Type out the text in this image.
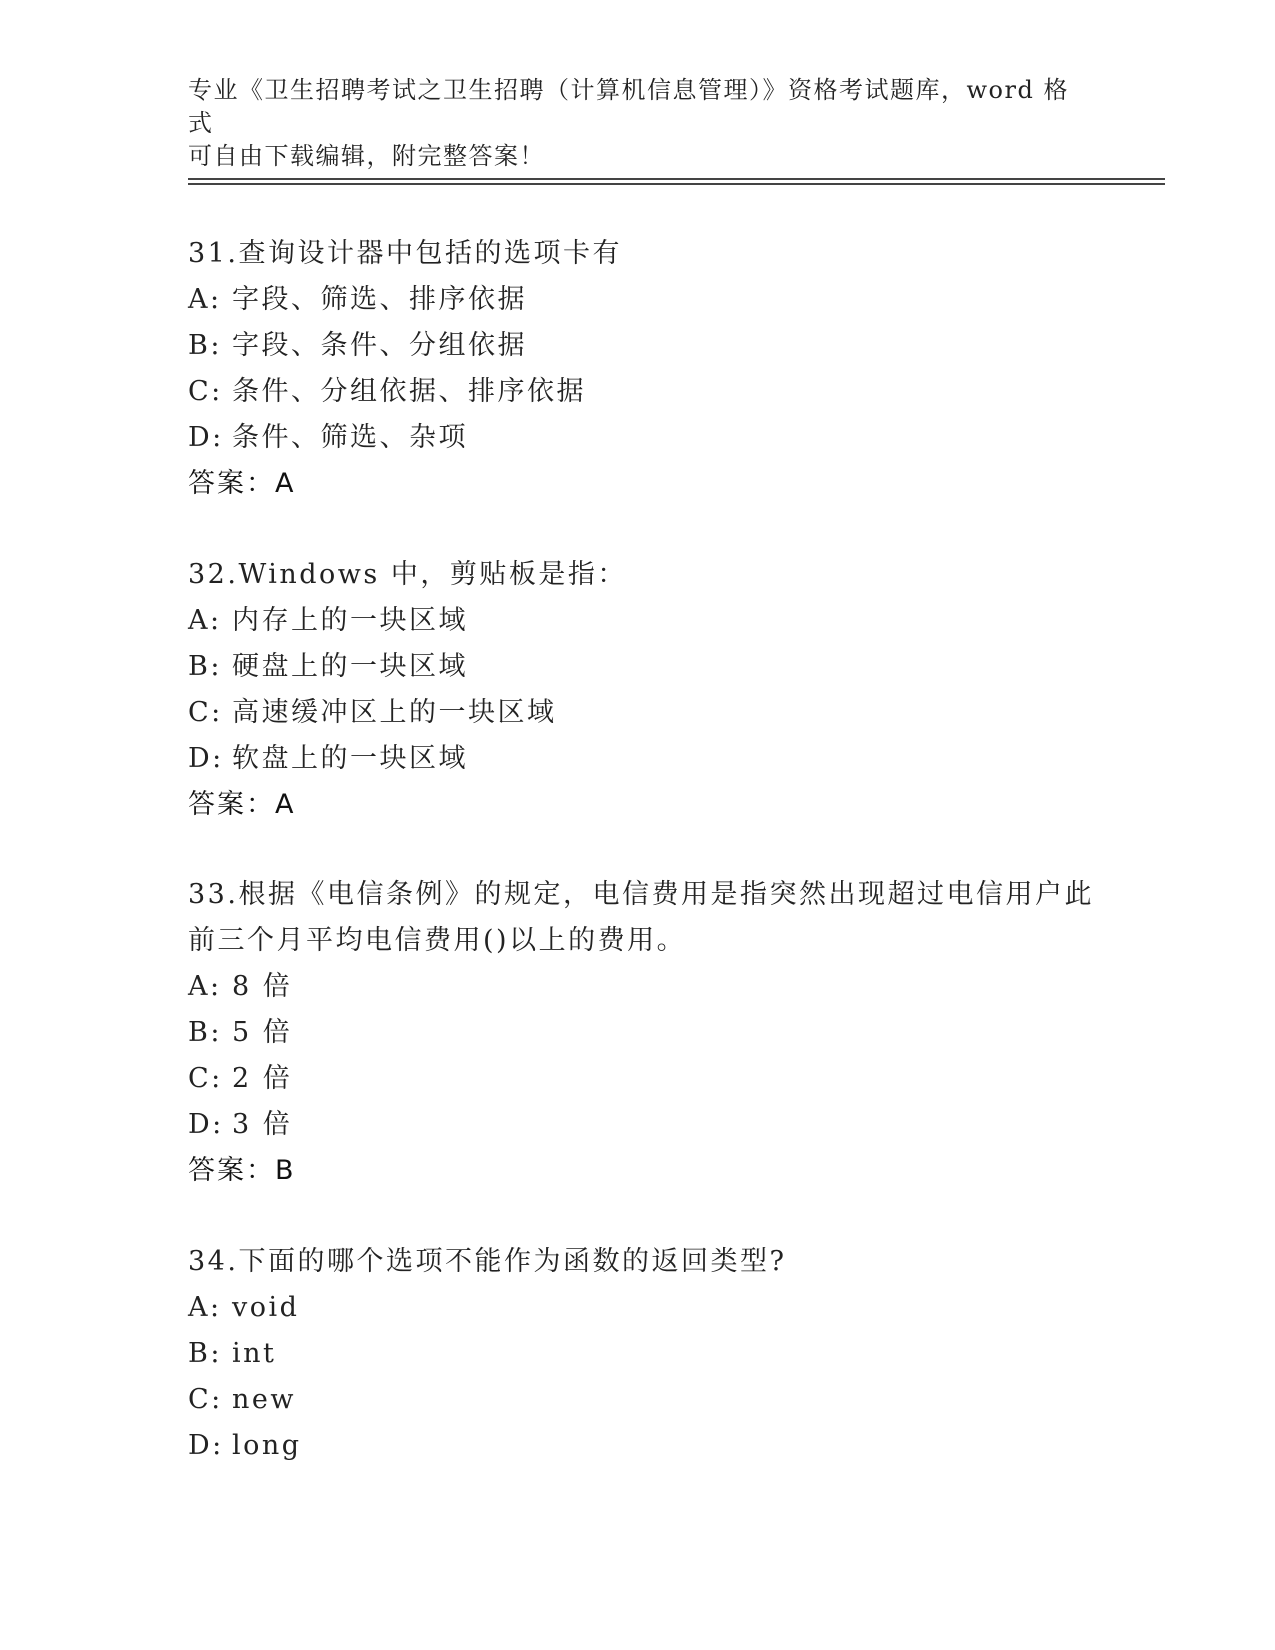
专业《卫生招聘考试之卫生招聘（计算机信息管理）》资格考试题库，word 格式
可自由下载编辑，附完整答案！
31.查询设计器中包括的选项卡有
A: 字段、筛选、排序依据
B: 字段、条件、分组依据
C: 条件、分组依据、排序依据
D: 条件、筛选、杂项
答案：A
32.Windows 中，剪贴板是指：
A: 内存上的一块区域
B: 硬盘上的一块区域
C: 高速缓冲区上的一块区域
D: 软盘上的一块区域
答案：A
33.根据《电信条例》的规定，电信费用是指突然出现超过电信用户此
前三个月平均电信费用()以上的费用。
A: 8 倍
B: 5 倍
C: 2 倍
D: 3 倍
答案：B
34.下面的哪个选项不能作为函数的返回类型?
A: void
B: int
C: new
D: long
